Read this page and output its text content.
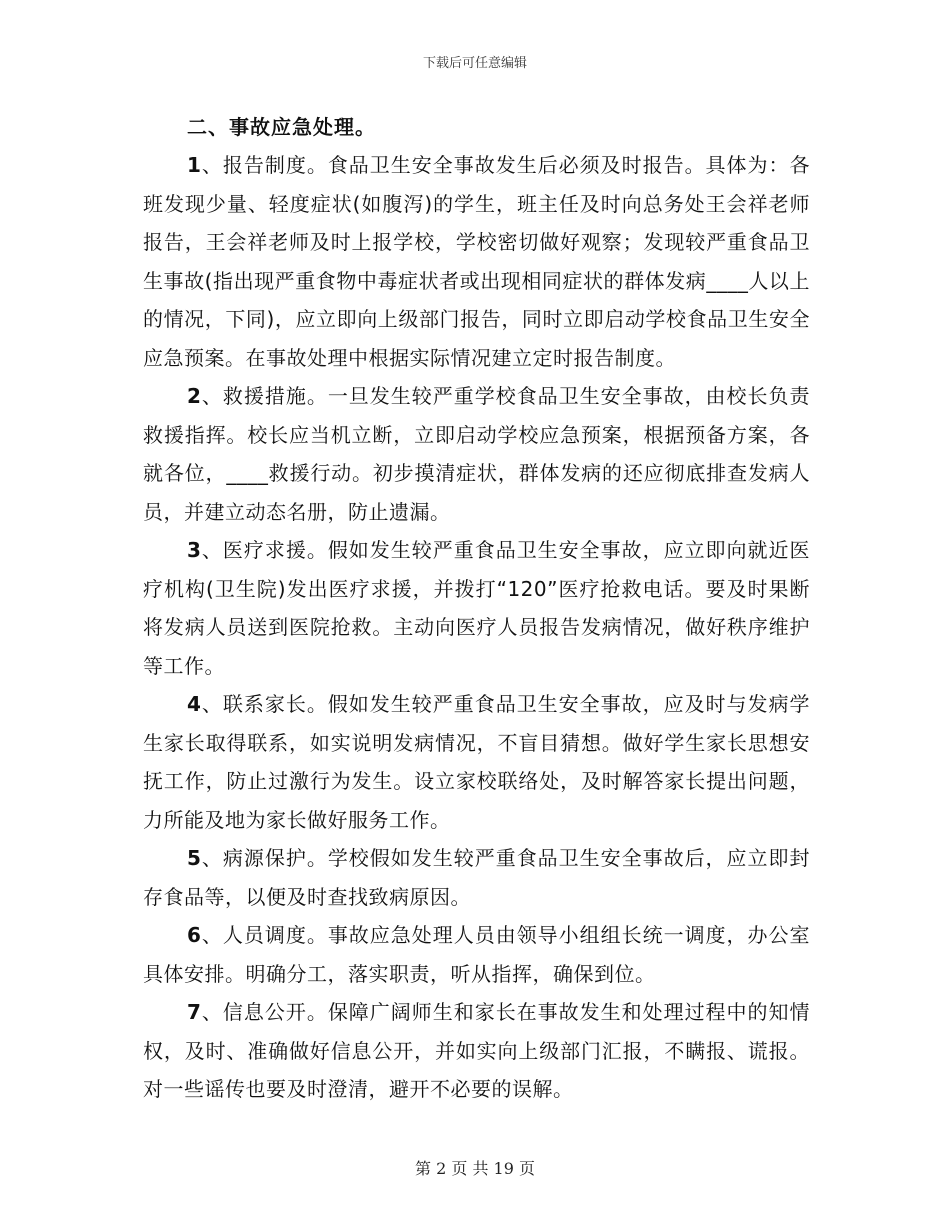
下载后可任意编辑
二、事故应急处理。

1、报告制度。食品卫生安全事故发生后必须及时报告。具体为：各班发现少量、轻度症状(如腹泻)的学生，班主任及时向总务处王会祥老师报告，王会祥老师及时上报学校，学校密切做好观察；发现较严重食品卫生事故(指出现严重食物中毒症状者或出现相同症状的群体发病____人以上的情况，下同)，应立即向上级部门报告，同时立即启动学校食品卫生安全应急预案。在事故处理中根据实际情况建立定时报告制度。

2、救援措施。一旦发生较严重学校食品卫生安全事故，由校长负责救援指挥。校长应当机立断，立即启动学校应急预案，根据预备方案，各就各位，____救援行动。初步摸清症状，群体发病的还应彻底排查发病人员，并建立动态名册，防止遗漏。

3、医疗求援。假如发生较严重食品卫生安全事故，应立即向就近医疗机构(卫生院)发出医疗求援，并拨打“120”医疗抢救电话。要及时果断将发病人员送到医院抢救。主动向医疗人员报告发病情况，做好秩序维护等工作。

4、联系家长。假如发生较严重食品卫生安全事故，应及时与发病学生家长取得联系，如实说明发病情况，不盲目猜想。做好学生家长思想安抚工作，防止过激行为发生。设立家校联络处，及时解答家长提出问题，力所能及地为家长做好服务工作。

5、病源保护。学校假如发生较严重食品卫生安全事故后，应立即封存食品等，以便及时查找致病原因。

6、人员调度。事故应急处理人员由领导小组组长统一调度，办公室具体安排。明确分工，落实职责，听从指挥，确保到位。

7、信息公开。保障广阔师生和家长在事故发生和处理过程中的知情权，及时、准确做好信息公开，并如实向上级部门汇报，不瞒报、谎报。对一些谣传也要及时澄清，避开不必要的误解。

第 2 页 共 19 页
